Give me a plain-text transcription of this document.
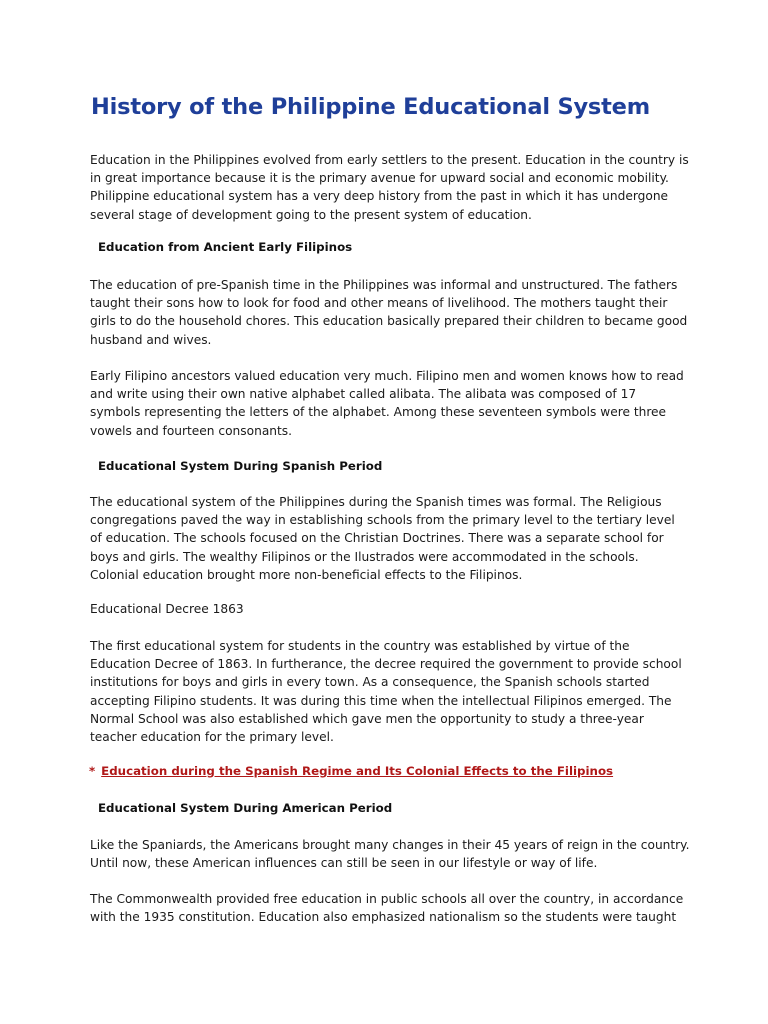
History of the Philippine Educational System

Education in the Philippines evolved from early settlers to the present. Education in the country is in great importance because it is the primary avenue for upward social and economic mobility. Philippine educational system has a very deep history from the past in which it has undergone several stage of development going to the present system of education.

Education from Ancient Early Filipinos

The education of pre-Spanish time in the Philippines was informal and unstructured. The fathers taught their sons how to look for food and other means of livelihood. The mothers taught their girls to do the household chores. This education basically prepared their children to became good husband and wives.

Early Filipino ancestors valued education very much. Filipino men and women knows how to read and write using their own native alphabet called alibata. The alibata was composed of 17 symbols representing the letters of the alphabet. Among these seventeen symbols were three vowels and fourteen consonants.

Educational System During Spanish Period

The educational system of the Philippines during the Spanish times was formal. The Religious congregations paved the way in establishing schools from the primary level to the tertiary level of education. The schools focused on the Christian Doctrines. There was a separate school for boys and girls. The wealthy Filipinos or the Ilustrados were accommodated in the schools. Colonial education brought more non-beneficial effects to the Filipinos.

Educational Decree 1863

The first educational system for students in the country was established by virtue of the Education Decree of 1863. In furtherance, the decree required the government to provide school institutions for boys and girls in every town. As a consequence, the Spanish schools started accepting Filipino students. It was during this time when the intellectual Filipinos emerged. The Normal School was also established which gave men the opportunity to study a three-year teacher education for the primary level.

* Education during the Spanish Regime and Its Colonial Effects to the Filipinos

Educational System During American Period

Like the Spaniards, the Americans brought many changes in their 45 years of reign in the country. Until now, these American influences can still be seen in our lifestyle or way of life.

The Commonwealth provided free education in public schools all over the country, in accordance with the 1935 constitution. Education also emphasized nationalism so the students were taught
